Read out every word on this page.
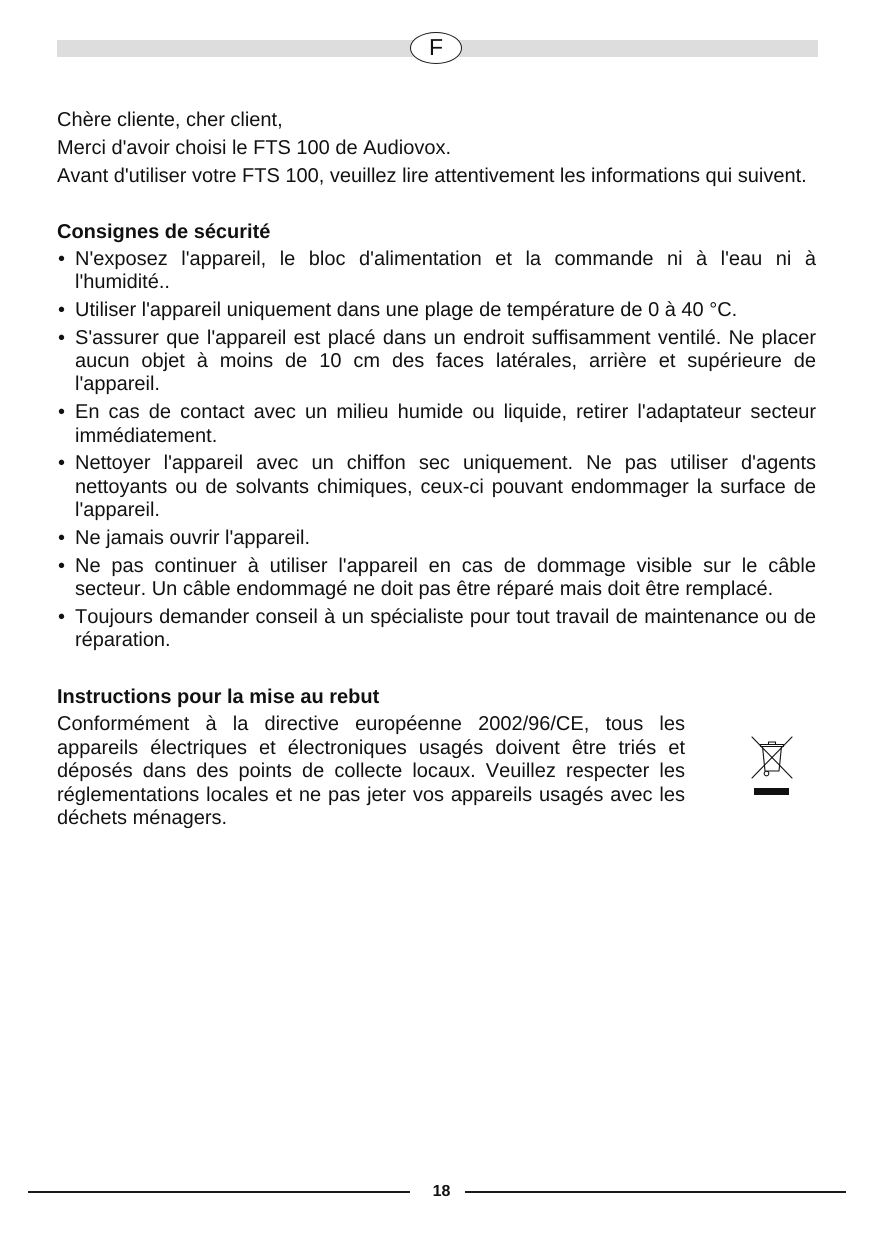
F
Chère cliente, cher client,
Merci d'avoir choisi le FTS 100 de Audiovox.
Avant d'utiliser votre FTS 100, veuillez lire attentivement les informations qui suivent.
Consignes de sécurité
• N'exposez l'appareil, le bloc d'alimentation et la commande ni à l'eau ni à l'humidité..
• Utiliser l'appareil uniquement dans une plage de température de 0 à 40 °C.
• S'assurer que l'appareil est placé dans un endroit suffisamment ventilé. Ne placer aucun objet à moins de 10 cm des faces latérales, arrière et supérieure de l'appareil.
• En cas de contact avec un milieu humide ou liquide, retirer l'adaptateur secteur immédiatement.
• Nettoyer l'appareil avec un chiffon sec uniquement. Ne pas utiliser d'agents nettoyants ou de solvants chimiques, ceux-ci pouvant endommager la surface de l'appareil.
• Ne jamais ouvrir l'appareil.
• Ne pas continuer à utiliser l'appareil en cas de dommage visible sur le câble secteur. Un câble endommagé ne doit pas être réparé mais doit être remplacé.
• Toujours demander conseil à un spécialiste pour tout travail de maintenance ou de réparation.
Instructions pour la mise au rebut

Conformément à la directive européenne 2002/96/CE, tous les appareils électriques et électroniques usagés doivent être triés et déposés dans des points de collecte locaux. Veuillez respecter les réglementations locales et ne pas jeter vos appareils usagés avec les déchets ménagers.

18
